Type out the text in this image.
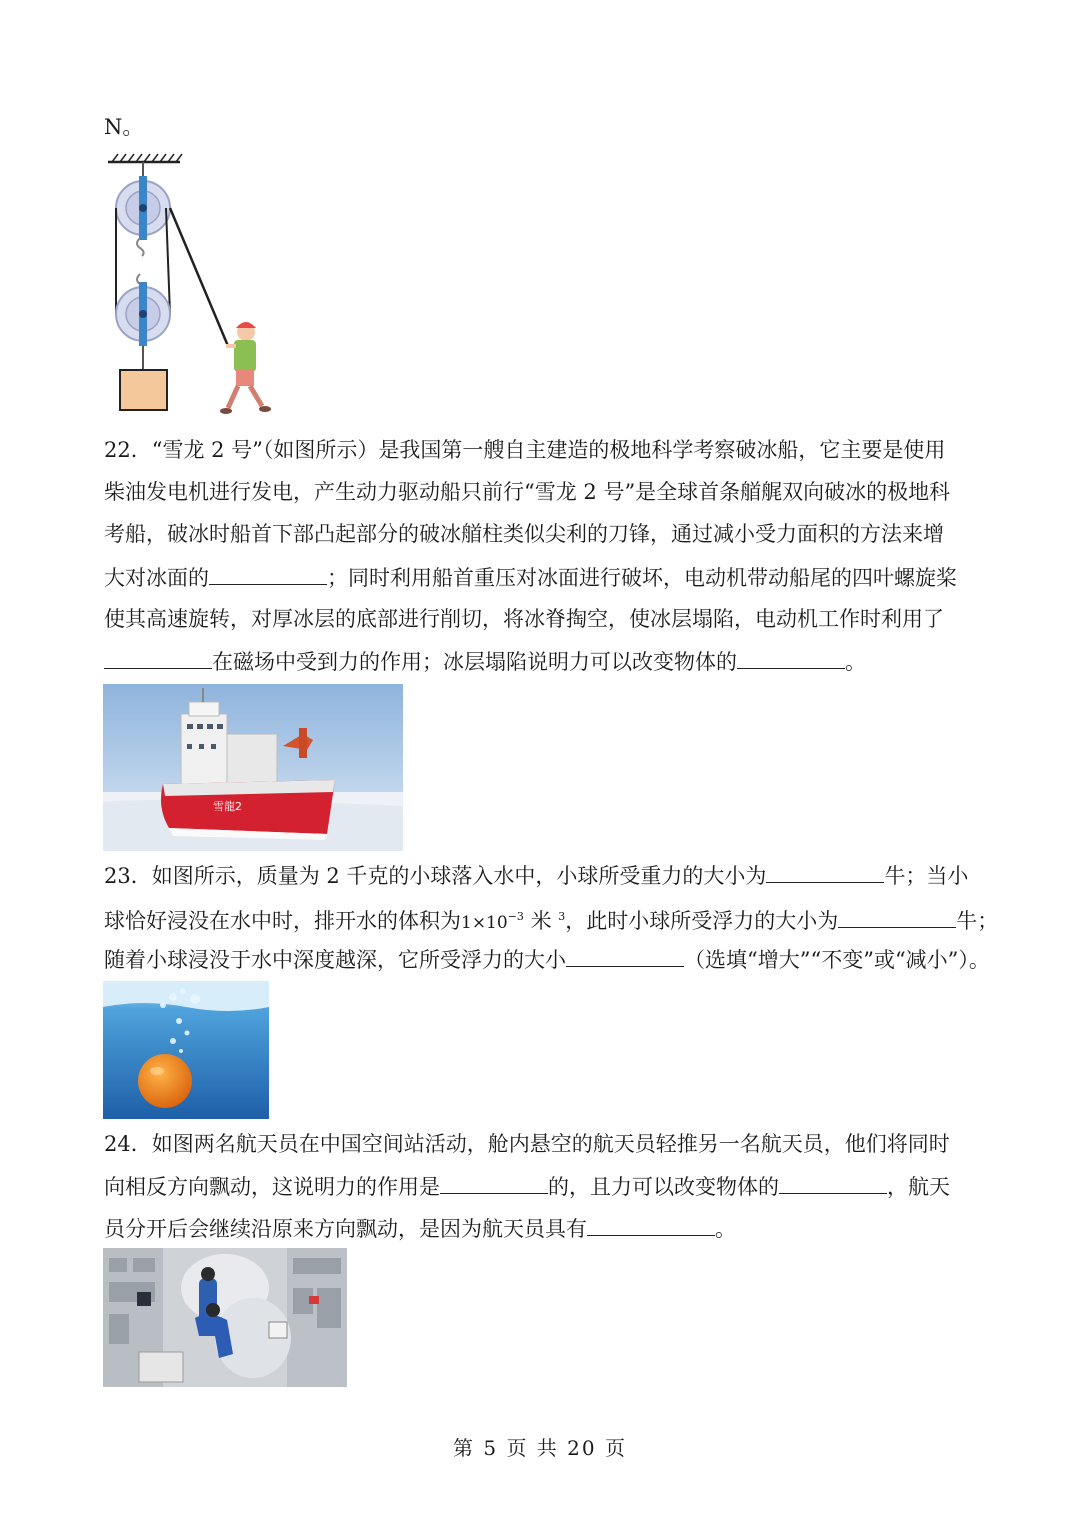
N。
22．“雪龙 2 号”（如图所示）是我国第一艘自主建造的极地科学考察破冰船，它主要是使用
柴油发电机进行发电，产生动力驱动船只前行“雪龙 2 号”是全球首条艏艉双向破冰的极地科
考船，破冰时船首下部凸起部分的破冰艏柱类似尖利的刀锋，通过减小受力面积的方法来增
大对冰面的	；同时利用船首重压对冰面进行破坏，电动机带动船尾的四叶螺旋桨
使其高速旋转，对厚冰层的底部进行削切，将冰脊掏空，使冰层塌陷，电动机工作时利用了
在磁场中受到力的作用；冰层塌陷说明力可以改变物体的	。
雪龍2
23．如图所示，质量为 2 千克的小球落入水中，小球所受重力的大小为	牛；当小
球恰好浸没在水中时，排开水的体积为$1\times 10^{-3}$ 米 $^3$，此时小球所受浮力的大小为	牛；
随着小球浸没于水中深度越深，它所受浮力的大小	（选填“增大”“不变”或“减小”）。
24．如图两名航天员在中国空间站活动，舱内悬空的航天员轻推另一名航天员，他们将同时
向相反方向飘动，这说明力的作用是	的，且力可以改变物体的	，航天
员分开后会继续沿原来方向飘动，是因为航天员具有	。
第 5 页 共 20 页
